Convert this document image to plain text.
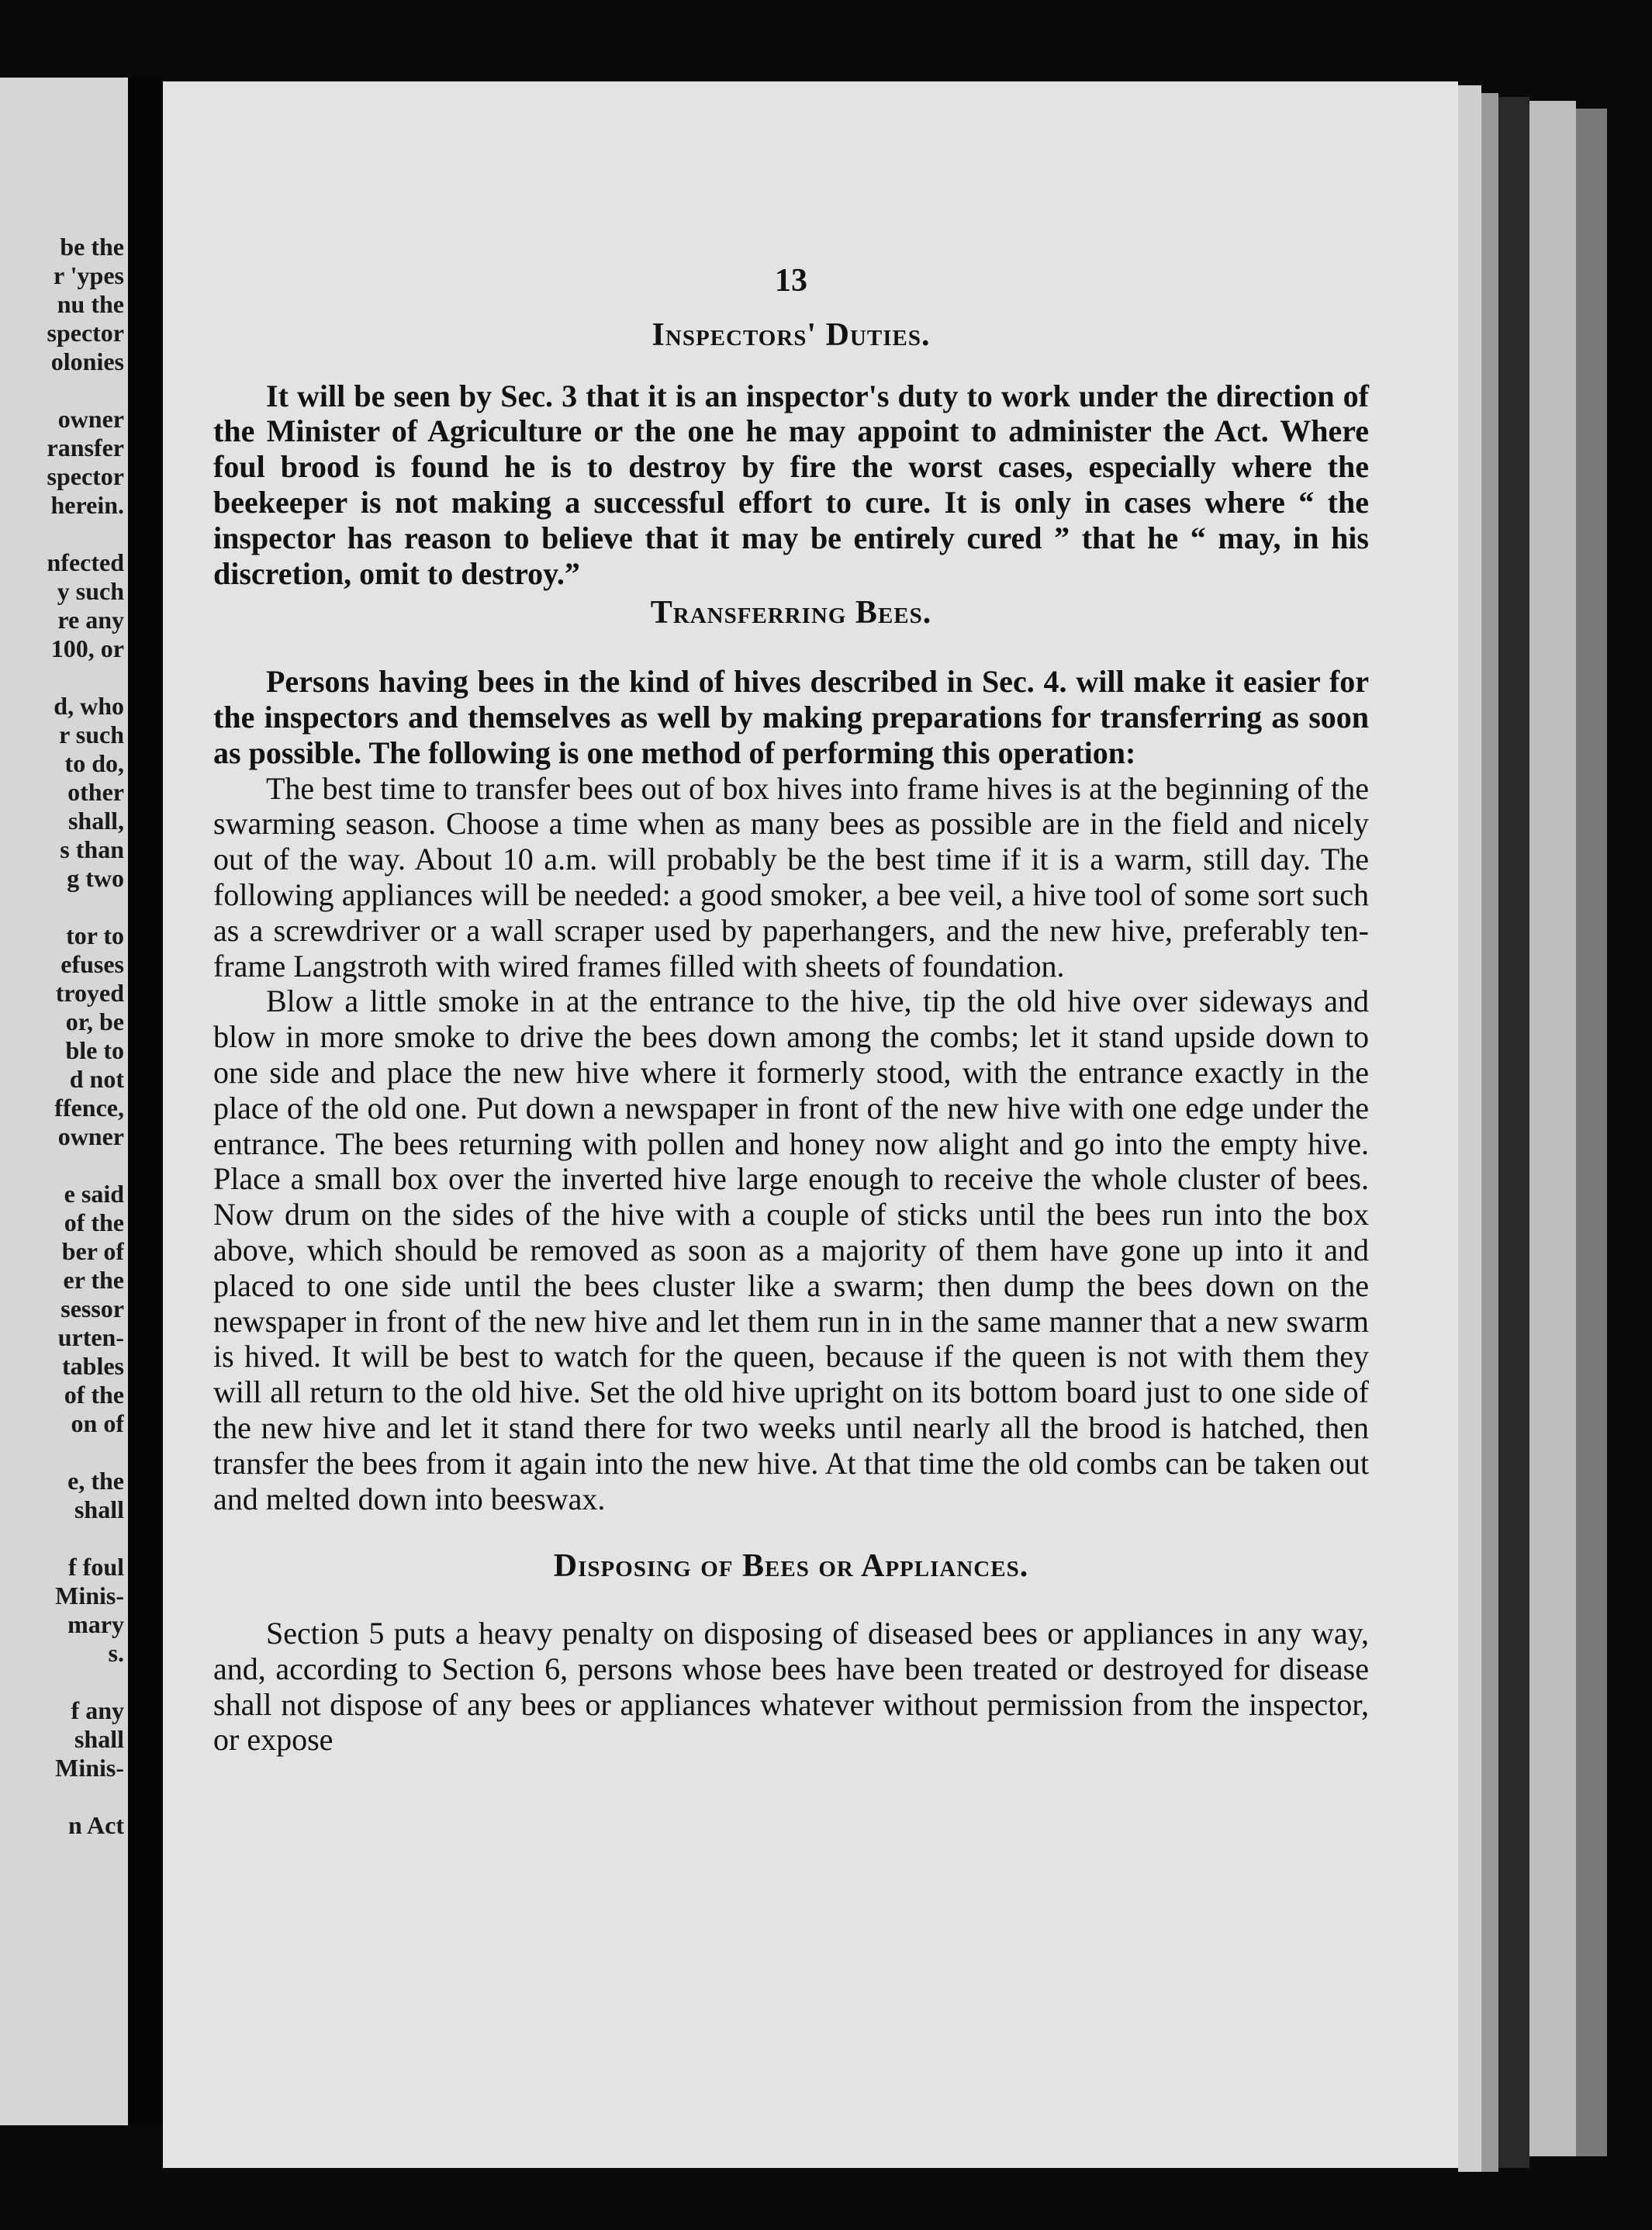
be the
r 'ypes
nu the
spector
olonies
owner
ransfer
spector
herein.
nfected
y such
re any
100, or
d, who
r such
to do,
other
shall,
s than
g two
tor to
efuses
troyed
or, be
ble to
d not
ffence,
owner
e said
of the
ber of
er the
sessor
urten-
tables
of the
on of
e, the
shall
f foul
Minis-
mary
s.
f any
shall
Minis-
n Act
13
Inspectors' Duties.

It will be seen by Sec. 3 that it is an inspector's duty to work under the direction of the Minister of Agriculture or the one he may appoint to administer the Act. Where foul brood is found he is to destroy by fire the worst cases, especially where the beekeeper is not making a successful effort to cure. It is only in cases where “ the inspector has reason to believe that it may be entirely cured ” that he “ may, in his discretion, omit to destroy.”

Transferring Bees.

Persons having bees in the kind of hives described in Sec. 4. will make it easier for the inspectors and themselves as well by making preparations for transferring as soon as possible. The following is one method of performing this operation:

The best time to transfer bees out of box hives into frame hives is at the beginning of the swarming season. Choose a time when as many bees as possible are in the field and nicely out of the way. About 10 a.m. will probably be the best time if it is a warm, still day. The following appliances will be needed: a good smoker, a bee veil, a hive tool of some sort such as a screwdriver or a wall scraper used by paperhangers, and the new hive, preferably ten-frame Langstroth with wired frames filled with sheets of foundation.

Blow a little smoke in at the entrance to the hive, tip the old hive over sideways and blow in more smoke to drive the bees down among the combs; let it stand upside down to one side and place the new hive where it formerly stood, with the entrance exactly in the place of the old one. Put down a newspaper in front of the new hive with one edge under the entrance. The bees returning with pollen and honey now alight and go into the empty hive. Place a small box over the inverted hive large enough to receive the whole cluster of bees. Now drum on the sides of the hive with a couple of sticks until the bees run into the box above, which should be removed as soon as a majority of them have gone up into it and placed to one side until the bees cluster like a swarm; then dump the bees down on the newspaper in front of the new hive and let them run in in the same manner that a new swarm is hived. It will be best to watch for the queen, because if the queen is not with them they will all return to the old hive. Set the old hive upright on its bottom board just to one side of the new hive and let it stand there for two weeks until nearly all the brood is hatched, then transfer the bees from it again into the new hive. At that time the old combs can be taken out and melted down into beeswax.

Disposing of Bees or Appliances.

Section 5 puts a heavy penalty on disposing of diseased bees or appliances in any way, and, according to Section 6, persons whose bees have been treated or destroyed for disease shall not dispose of any bees or appliances whatever without permission from the inspector, or expose
